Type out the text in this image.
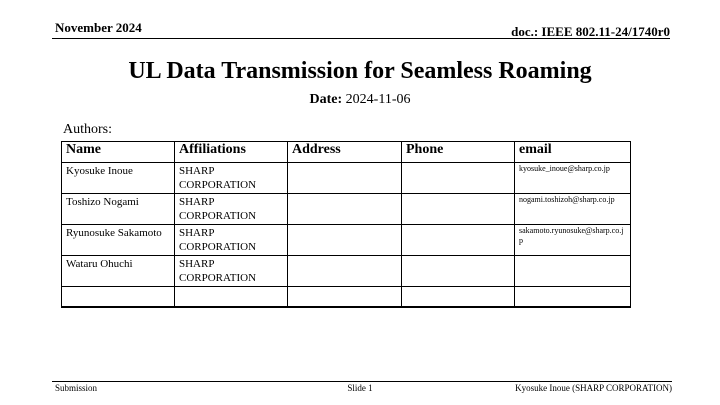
November 2024	doc.: IEEE 802.11-24/1740r0
UL Data Transmission for Seamless Roaming
Date: 2024-11-06
Authors:
Name	Affiliations	Address	Phone	email
Kyosuke Inoue	SHARP CORPORATION			kyosuke_inoue@sharp.co.jp
Toshizo Nogami	SHARP CORPORATION			nogami.toshizoh@sharp.co.jp
Ryunosuke Sakamoto	SHARP CORPORATION			sakamoto.ryunosuke@sharp.co.jp
Wataru Ohuchi	SHARP CORPORATION			

Submission	Slide 1	Kyosuke Inoue (SHARP CORPORATION)
